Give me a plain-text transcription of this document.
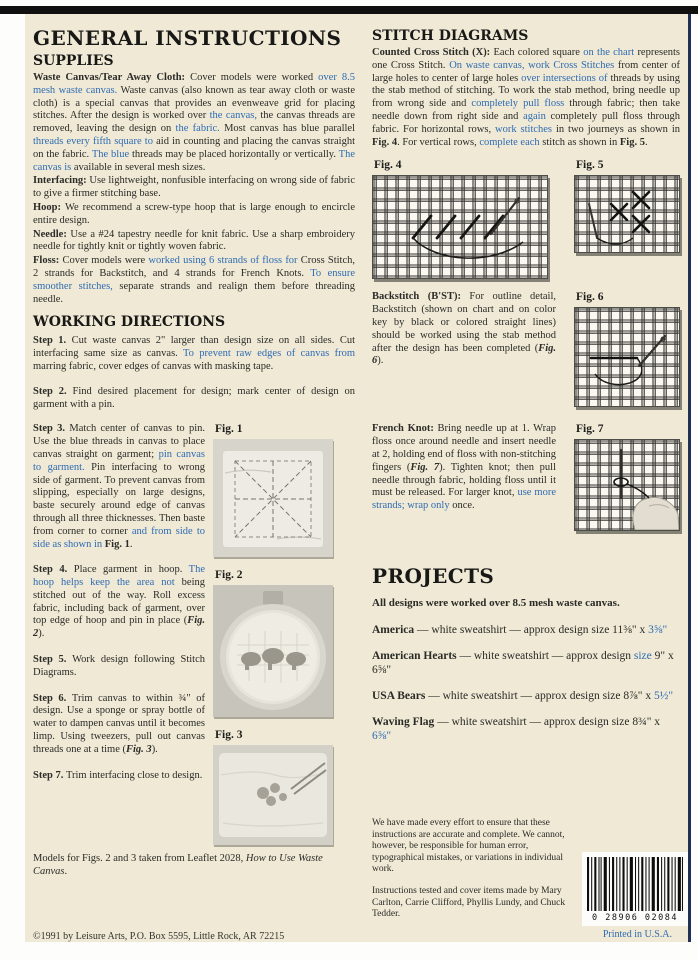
GENERAL INSTRUCTIONS
SUPPLIES

Waste Canvas/Tear Away Cloth: Cover models were worked over 8.5 mesh waste canvas. Waste canvas (also known as tear away cloth or waste cloth) is a special canvas that provides an evenweave grid for placing stitches. After the design is worked over the canvas, the canvas threads are removed, leaving the design on the fabric. Most canvas has blue parallel threads every fifth square to aid in counting and placing the canvas straight on the fabric. The blue threads may be placed horizontally or vertically. The canvas is available in several mesh sizes.

Interfacing: Use lightweight, nonfusible interfacing on wrong side of fabric to give a firmer stitching base.

Hoop: We recommend a screw-type hoop that is large enough to encircle entire design.

Needle: Use a #24 tapestry needle for knit fabric. Use a sharp embroidery needle for tightly knit or tightly woven fabric.

Floss: Cover models were worked using 6 strands of floss for Cross Stitch, 2 strands for Backstitch, and 4 strands for French Knots. To ensure smoother stitches, separate strands and realign them before threading needle.

WORKING DIRECTIONS

Step 1. Cut waste canvas 2" larger than design size on all sides. Cut interfacing same size as canvas. To prevent raw edges of canvas from marring fabric, cover edges of canvas with masking tape.

Step 2. Find desired placement for design; mark center of design on garment with a pin.

Step 3. Match center of canvas to pin. Use the blue threads in canvas to place canvas straight on garment; pin canvas to garment. Pin interfacing to wrong side of garment. To prevent canvas from slipping, especially on large designs, baste securely around edge of canvas through all three thicknesses. Then baste from corner to corner and from side to side as shown in Fig. 1.

Step 4. Place garment in hoop. The hoop helps keep the area not being stitched out of the way. Roll excess fabric, including back of garment, over top edge of hoop and pin in place (Fig. 2).

Step 5. Work design following Stitch Diagrams.

Step 6. Trim canvas to within ¾" of design. Use a sponge or spray bottle of water to dampen canvas until it becomes limp. Using tweezers, pull out canvas threads one at a time (Fig. 3).

Step 7. Trim interfacing close to design.

Fig. 1
Fig. 2
Fig. 3

Models for Figs. 2 and 3 taken from Leaflet 2028, How to Use Waste Canvas.

©1991 by Leisure Arts, P.O. Box 5595, Little Rock, AR 72215
STITCH DIAGRAMS

Counted Cross Stitch (X): Each colored square on the chart represents one Cross Stitch. On waste canvas, work Cross Stitches from center of large holes to center of large holes over intersections of threads by using the stab method of stitching. To work the stab method, bring needle up from wrong side and completely pull floss through fabric; then take needle down from right side and again completely pull floss through fabric. For horizontal rows, work stitches in two journeys as shown in Fig. 4. For vertical rows, complete each stitch as shown in Fig. 5.

Fig. 4	Fig. 5

Backstitch (B'ST): For outline detail, Backstitch (shown on chart and on color key by black or colored straight lines) should be worked using the stab method after the design has been completed (Fig. 6).

Fig. 6

French Knot: Bring needle up at 1. Wrap floss once around needle and insert needle at 2, holding end of floss with non-stitching fingers (Fig. 7). Tighten knot; then pull needle through fabric, holding floss until it must be released. For larger knot, use more strands; wrap only once.

Fig. 7
PROJECTS

All designs were worked over 8.5 mesh waste canvas.

America — white sweatshirt — approx design size 11⅜" x 3⅝"

American Hearts — white sweatshirt — approx design size 9" x 6⅝"

USA Bears — white sweatshirt — approx design size 8⅞" x 5½"

Waving Flag — white sweatshirt — approx design size 8¾" x 6⅝"

We have made every effort to ensure that these instructions are accurate and complete. We cannot, however, be responsible for human error, typographical mistakes, or variations in individual work.

Instructions tested and cover items made by Mary Carlton, Carrie Clifford, Phyllis Lundy, and Chuck Tedder.	0 28906 02084
Printed in U.S.A.
